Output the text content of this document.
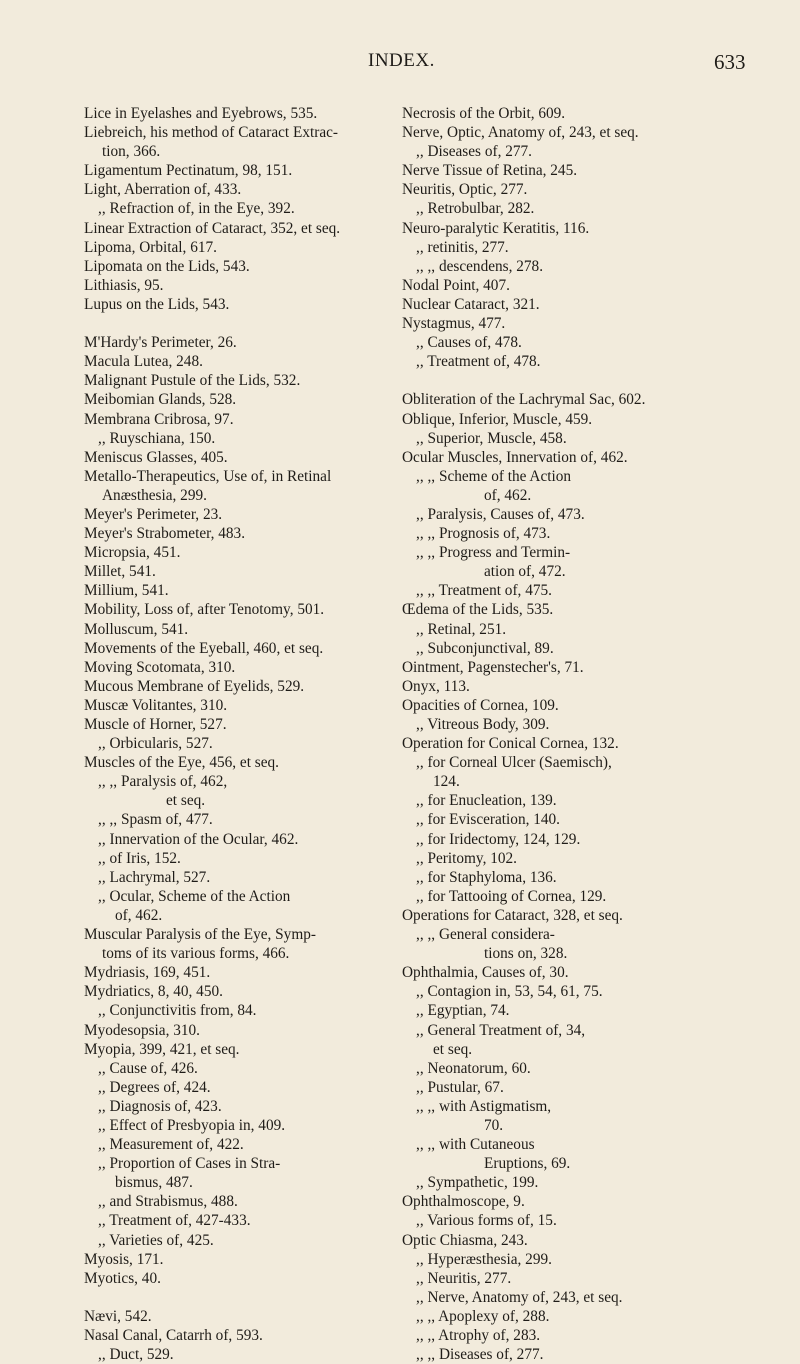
INDEX.	633
Lice in Eyelashes and Eyebrows, 535.
Liebreich, his method of Cataract Extrac-
tion, 366.
Ligamentum Pectinatum, 98, 151.
Light, Aberration of, 433.
,, Refraction of, in the Eye, 392.
Linear Extraction of Cataract, 352, et seq.
Lipoma, Orbital, 617.
Lipomata on the Lids, 543.
Lithiasis, 95.
Lupus on the Lids, 543.
M'Hardy's Perimeter, 26.
Macula Lutea, 248.
Malignant Pustule of the Lids, 532.
Meibomian Glands, 528.
Membrana Cribrosa, 97.
,, Ruyschiana, 150.
Meniscus Glasses, 405.
Metallo-Therapeutics, Use of, in Retinal
Anæsthesia, 299.
Meyer's Perimeter, 23.
Meyer's Strabometer, 483.
Micropsia, 451.
Millet, 541.
Millium, 541.
Mobility, Loss of, after Tenotomy, 501.
Molluscum, 541.
Movements of the Eyeball, 460, et seq.
Moving Scotomata, 310.
Mucous Membrane of Eyelids, 529.
Muscæ Volitantes, 310.
Muscle of Horner, 527.
,, Orbicularis, 527.
Muscles of the Eye, 456, et seq.
,, ,, Paralysis of, 462,
et seq.
,, ,, Spasm of, 477.
,, Innervation of the Ocular, 462.
,, of Iris, 152.
,, Lachrymal, 527.
,, Ocular, Scheme of the Action
of, 462.
Muscular Paralysis of the Eye, Symp-
toms of its various forms, 466.
Mydriasis, 169, 451.
Mydriatics, 8, 40, 450.
,, Conjunctivitis from, 84.
Myodesopsia, 310.
Myopia, 399, 421, et seq.
,, Cause of, 426.
,, Degrees of, 424.
,, Diagnosis of, 423.
,, Effect of Presbyopia in, 409.
,, Measurement of, 422.
,, Proportion of Cases in Stra-
bismus, 487.
,, and Strabismus, 488.
,, Treatment of, 427-433.
,, Varieties of, 425.
Myosis, 171.
Myotics, 40.
Nævi, 542.
Nasal Canal, Catarrh of, 593.
,, Duct, 529.
Necrosis of the Orbit, 609.
Nerve, Optic, Anatomy of, 243, et seq.
,, Diseases of, 277.
Nerve Tissue of Retina, 245.
Neuritis, Optic, 277.
,, Retrobulbar, 282.
Neuro-paralytic Keratitis, 116.
,, retinitis, 277.
,, ,, descendens, 278.
Nodal Point, 407.
Nuclear Cataract, 321.
Nystagmus, 477.
,, Causes of, 478.
,, Treatment of, 478.
Obliteration of the Lachrymal Sac, 602.
Oblique, Inferior, Muscle, 459.
,, Superior, Muscle, 458.
Ocular Muscles, Innervation of, 462.
,, ,, Scheme of the Action
of, 462.
,, Paralysis, Causes of, 473.
,, ,, Prognosis of, 473.
,, ,, Progress and Termin-
ation of, 472.
,, ,, Treatment of, 475.
Œdema of the Lids, 535.
,, Retinal, 251.
,, Subconjunctival, 89.
Ointment, Pagenstecher's, 71.
Onyx, 113.
Opacities of Cornea, 109.
,, Vitreous Body, 309.
Operation for Conical Cornea, 132.
,, for Corneal Ulcer (Saemisch),
124.
,, for Enucleation, 139.
,, for Evisceration, 140.
,, for Iridectomy, 124, 129.
,, Peritomy, 102.
,, for Staphyloma, 136.
,, for Tattooing of Cornea, 129.
Operations for Cataract, 328, et seq.
,, ,, General considera-
tions on, 328.
Ophthalmia, Causes of, 30.
,, Contagion in, 53, 54, 61, 75.
,, Egyptian, 74.
,, General Treatment of, 34,
et seq.
,, Neonatorum, 60.
,, Pustular, 67.
,, ,, with Astigmatism,
70.
,, ,, with Cutaneous
Eruptions, 69.
,, Sympathetic, 199.
Ophthalmoscope, 9.
,, Various forms of, 15.
Optic Chiasma, 243.
,, Hyperæsthesia, 299.
,, Neuritis, 277.
,, Nerve, Anatomy of, 243, et seq.
,, ,, Apoplexy of, 288.
,, ,, Atrophy of, 283.
,, ,, Diseases of, 277.
